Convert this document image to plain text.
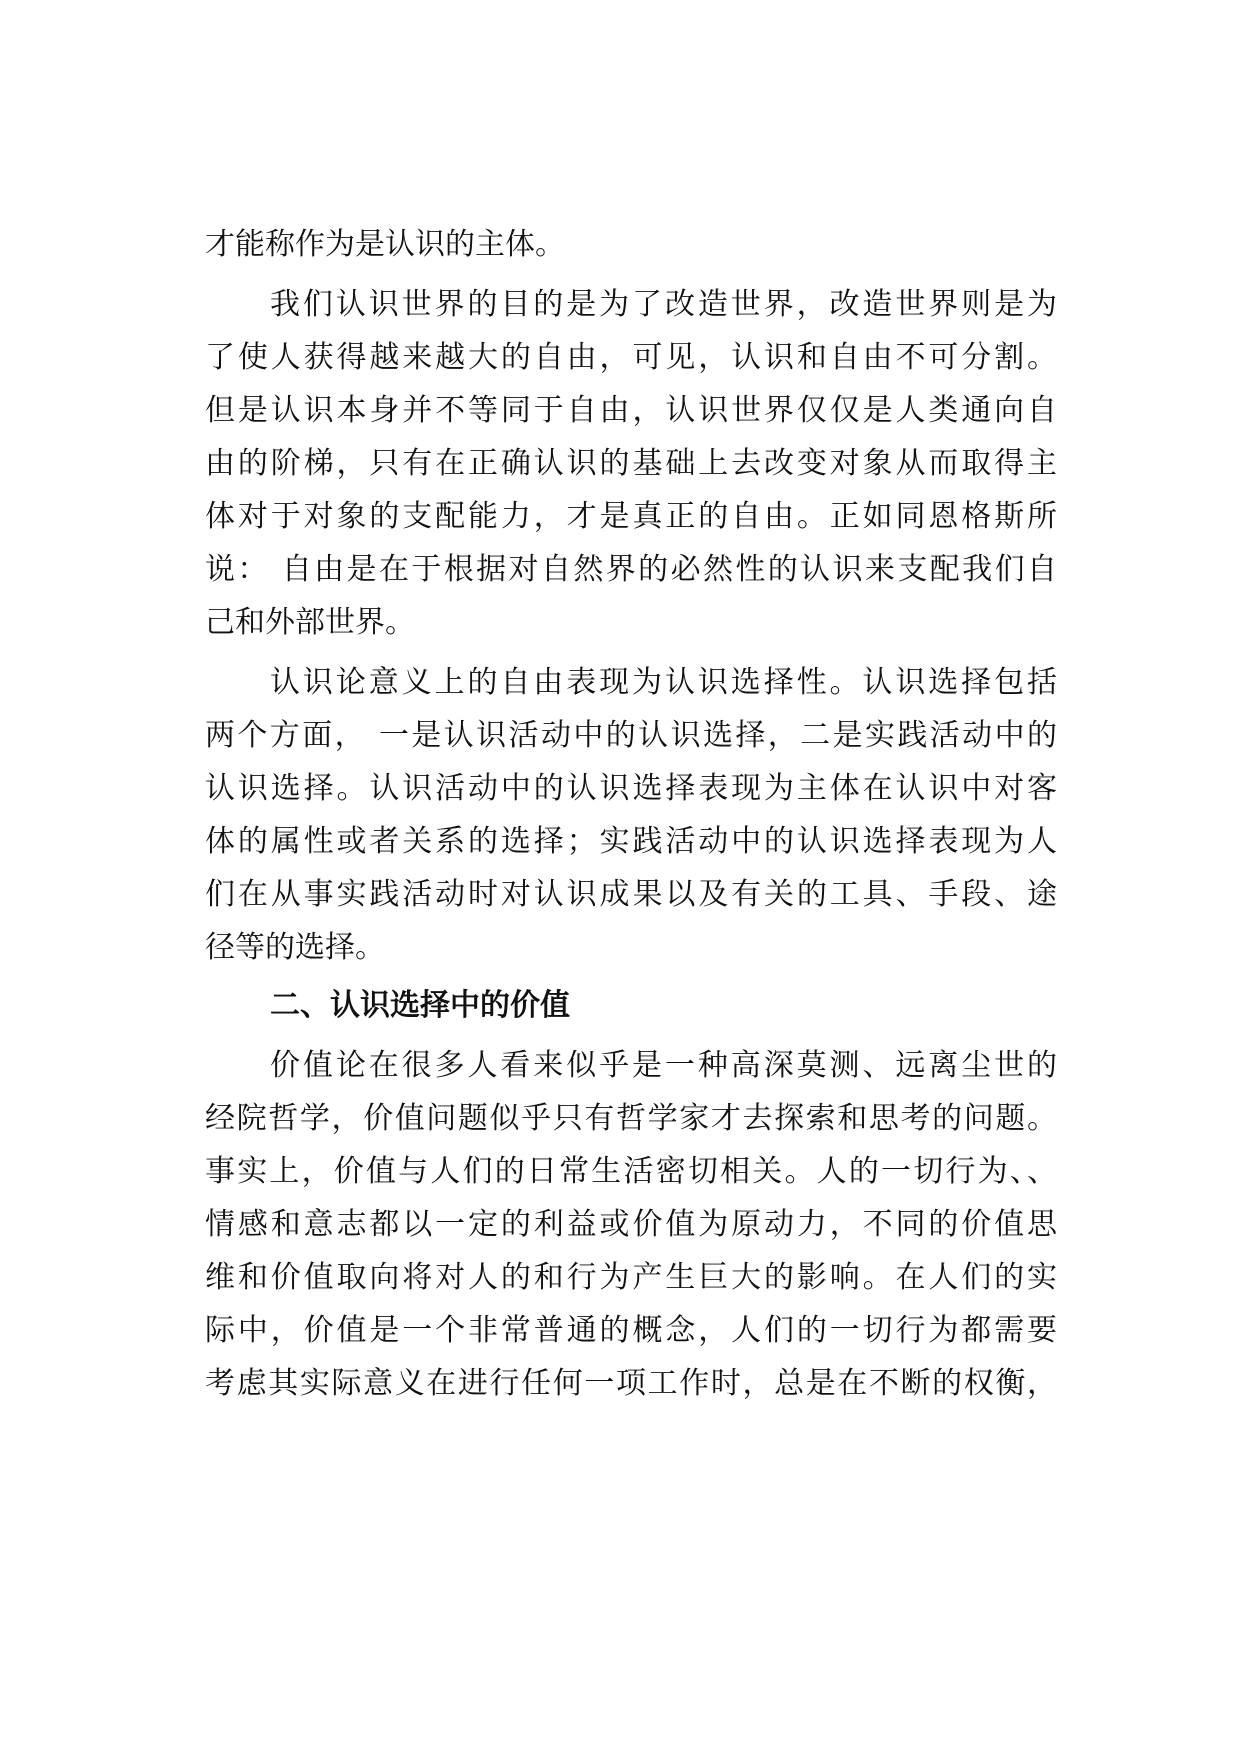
才能称作为是认识的主体。

我们认识世界的目的是为了改造世界，改造世界则是为

了使人获得越来越大的自由，可见，认识和自由不可分割。

但是认识本身并不等同于自由，认识世界仅仅是人类通向自

由的阶梯，只有在正确认识的基础上去改变对象从而取得主

体对于对象的支配能力，才是真正的自由。正如同恩格斯所

说： 自由是在于根据对自然界的必然性的认识来支配我们自

己和外部世界。

认识论意义上的自由表现为认识选择性。认识选择包括

两个方面， 一是认识活动中的认识选择，二是实践活动中的

认识选择。认识活动中的认识选择表现为主体在认识中对客

体的属性或者关系的选择；实践活动中的认识选择表现为人

们在从事实践活动时对认识成果以及有关的工具、手段、途

径等的选择。

二、认识选择中的价值

价值论在很多人看来似乎是一种高深莫测、远离尘世的

经院哲学，价值问题似乎只有哲学家才去探索和思考的问题。

事实上，价值与人们的日常生活密切相关。人的一切行为、、

情感和意志都以一定的利益或价值为原动力，不同的价值思

维和价值取向将对人的和行为产生巨大的影响。在人们的实

际中，价值是一个非常普通的概念，人们的一切行为都需要

考虑其实际意义在进行任何一项工作时，总是在不断的权衡，
